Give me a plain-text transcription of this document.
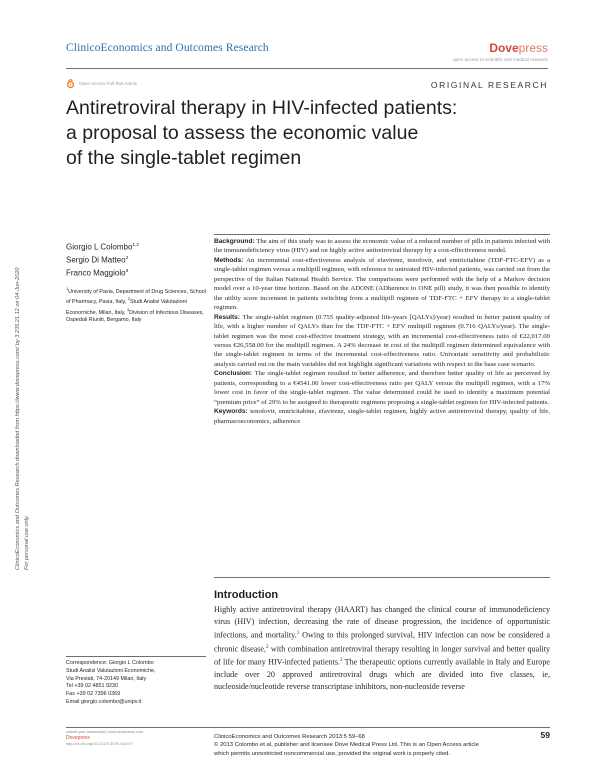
ClinicoEconomics and Outcomes Research	Dovepress
open access to scientific and medical research
Open Access Full Text Article	ORIGINAL RESEARCH
Antiretroviral therapy in HIV-infected patients:
a proposal to assess the economic value
of the single-tablet regimen
ClinicoEconomics and Outcomes Research downloaded from https://www.dovepress.com/ by 3.235.21.12 on 04-Jun-2020 For personal use only.
Giorgio L Colombo$^{1,2}$
Sergio Di Matteo$^2$
Franco Maggiolo$^3$
$^1$University of Pavia, Department of Drug Sciences, School of Pharmacy, Pavia, Italy, $^2$Studi Analisi Valutazioni Economiche, Milan, Italy, $^3$Division of Infectious Diseases, Ospedali Riuniti, Bergamo, Italy

Background: The aim of this study was to assess the economic value of a reduced number of pills in patients infected with the immunodeficiency virus (HIV) and on highly active antiretroviral therapy by a cost-effectiveness model.

Methods: An incremental cost-effectiveness analysis of efavirenz, tenofovir, and emtricitabine (TDF-FTC-EFV) as a single-tablet regimen versus a multipill regimen, with reference to untreated HIV-infected patients, was carried out from the perspective of the Italian National Health Service. The comparisons were performed with the help of a Markov decision model over a 10-year time horizon. Based on the ADONE (ADherence to ONE pill) study, it was then possible to identify the utility score increment in patients switching from a multipill regimen of TDF-FTC + EFV therapy to a single-tablet regimen.

Results: The single-tablet regimen (0.755 quality-adjusted life-years [QALYs]/year) resulted in better patient quality of life, with a higher number of QALYs than for the TDF-FTC + EFV multipill regimen (0.716 QALYs/year). The single-tablet regimen was the most cost-effective treatment strategy, with an incremental cost-effectiveness ratio of €22,017.00 versus €26,558.00 for the multipill regimen. A 24% decrease in cost of the multipill regimen determined equivalence with the single-tablet regimen in terms of the incremental cost-effectiveness ratio. Univariate sensitivity and probabilistic analysis carried out on the main variables did not highlight significant variations with respect to the base case scenario.

Conclusion: The single-tablet regimen resulted in better adherence, and therefore better quality of life as perceived by patients, corresponding to a €4541.00 lower cost-effectiveness ratio per QALY versus the multipill regimen, with a 17% lower cost in favor of the single-tablet regimen. The value determined could be used to identify a maximum potential “premium price” of 29% to be assigned to therapeutic regimens proposing a single-tablet regimen for HIV-infected patients.

Keywords: tenofovir, emtricitabine, efavirenz, single-tablet regimen, highly active antiretroviral therapy, quality of life, pharmacoeconomics, adherence

Introduction
Highly active antiretroviral therapy (HAART) has changed the clinical course of immunodeficiency virus (HIV) infection, decreasing the rate of disease progression, the incidence of opportunistic infections, and mortality.$^1$ Owing to this prolonged survival, HIV infection can now be considered a chronic disease,$^2$ with combination antiretroviral therapy resulting in longer survival and better quality of life for many HIV-infected patients.$^3$ The therapeutic options currently available in Italy and Europe include over 20 approved antiretroviral drugs which are divided into five classes, ie, nucleoside/nucleotide reverse transcriptase inhibitors, non-nucleoside reverse
Correspondence: Giorgio L Colombo
Studi Analisi Valutazioni Economiche,
Via Previati, 74-20149 Milan, Italy
Tel +39 02 4851 9230
Fax +39 02 7396 0369
Email giorgio.colombo@unipv.it
submit your manuscript | www.dovepress.com
Dovepress
http://dx.doi.org/10.2147/CEOR.S41977
ClinicoEconomics and Outcomes Research 2013:5 59–68	59
© 2013 Colombo et al, publisher and licensee Dove Medical Press Ltd. This is an Open Access article
which permits unrestricted noncommercial use, provided the original work is properly cited.
